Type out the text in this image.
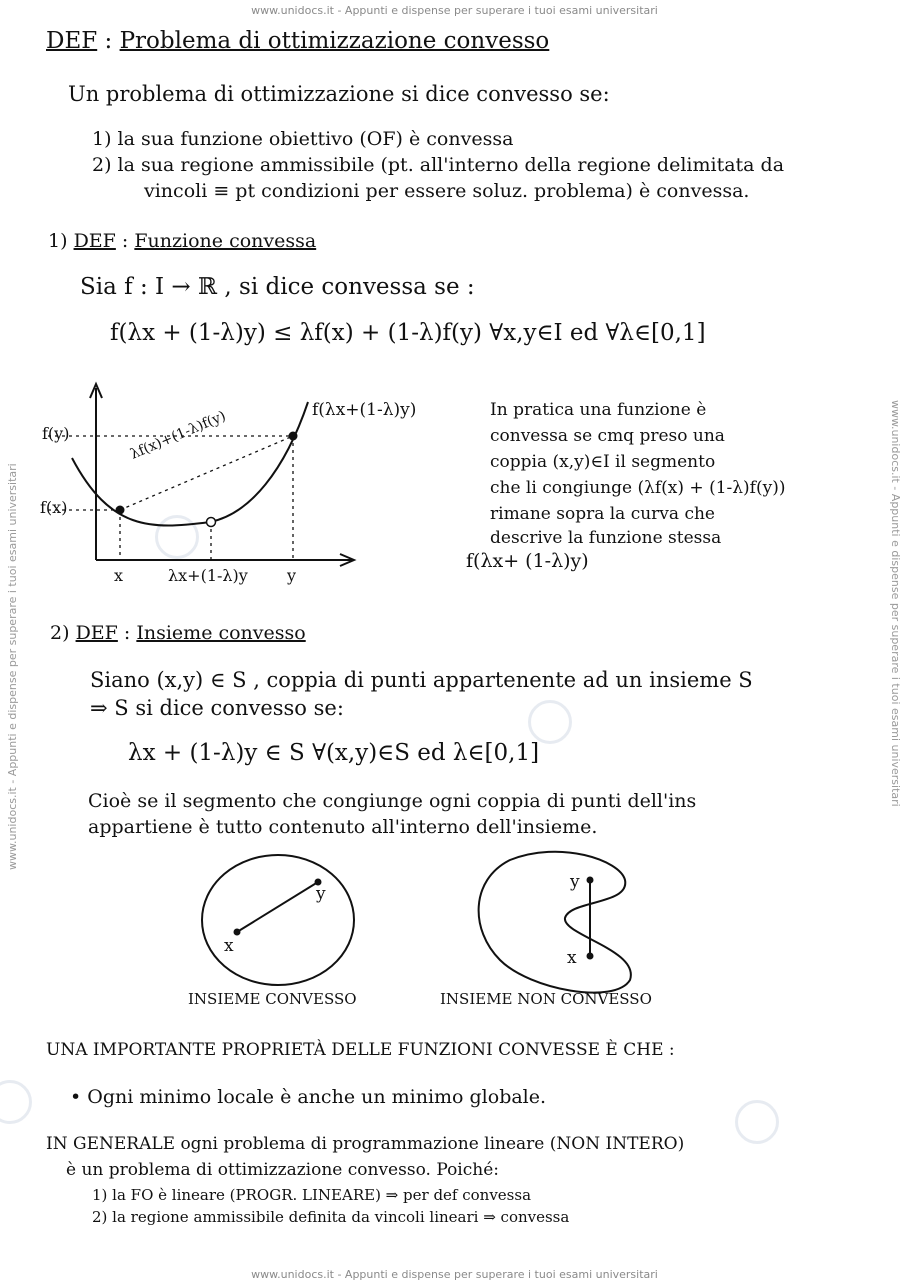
www.unidocs.it - Appunti e dispense per superare i tuoi esami universitari
www.unidocs.it - Appunti e dispense per superare i tuoi esami universitari
www.unidocs.it - Appunti e dispense per superare i tuoi esami universitari	www.unidocs.it - Appunti e dispense per superare i tuoi esami universitari
DEF : Problema di ottimizzazione convesso
Un problema di ottimizzazione si dice convesso se:
1) la sua funzione obiettivo (OF) è convessa
2) la sua regione ammissibile (pt. all'interno della regione delimitata da
vincoli ≡ pt condizioni per essere soluz. problema) è convessa.
1) DEF : Funzione convessa
Sia f : I → ℝ , si dice convessa se :
f(λx + (1-λ)y) ≤ λf(x) + (1-λ)f(y) ∀x,y∈I ed ∀λ∈[0,1]
f(y)
f(x)
f(λx+(1-λ)y)
λf(x)+(1-λ)f(y)
x	λx+(1-λ)y y
In pratica una funzione è
convessa se cmq preso una
coppia (x,y)∈I il segmento
che li congiunge (λf(x) + (1-λ)f(y))
rimane sopra la curva che
descrive la funzione stessa
f(λx+ (1-λ)y)
2) DEF : Insieme convesso
Siano (x,y) ∈ S , coppia di punti appartenente ad un insieme S
⇒ S si dice convesso se:
λx + (1-λ)y ∈ S ∀(x,y)∈S ed λ∈[0,1]
Cioè se il segmento che congiunge ogni coppia di punti dell'ins
appartiene è tutto contenuto all'interno dell'insieme.
x
y
y
x
INSIEME CONVESSO	INSIEME NON CONVESSO
UNA IMPORTANTE PROPRIETÀ DELLE FUNZIONI CONVESSE È CHE :
• Ogni minimo locale è anche un minimo globale.
IN GENERALE ogni problema di programmazione lineare (NON INTERO)
è un problema di ottimizzazione convesso. Poiché:
1) la FO è lineare (PROGR. LINEARE) ⇒ per def convessa
2) la regione ammissibile definita da vincoli lineari ⇒ convessa
